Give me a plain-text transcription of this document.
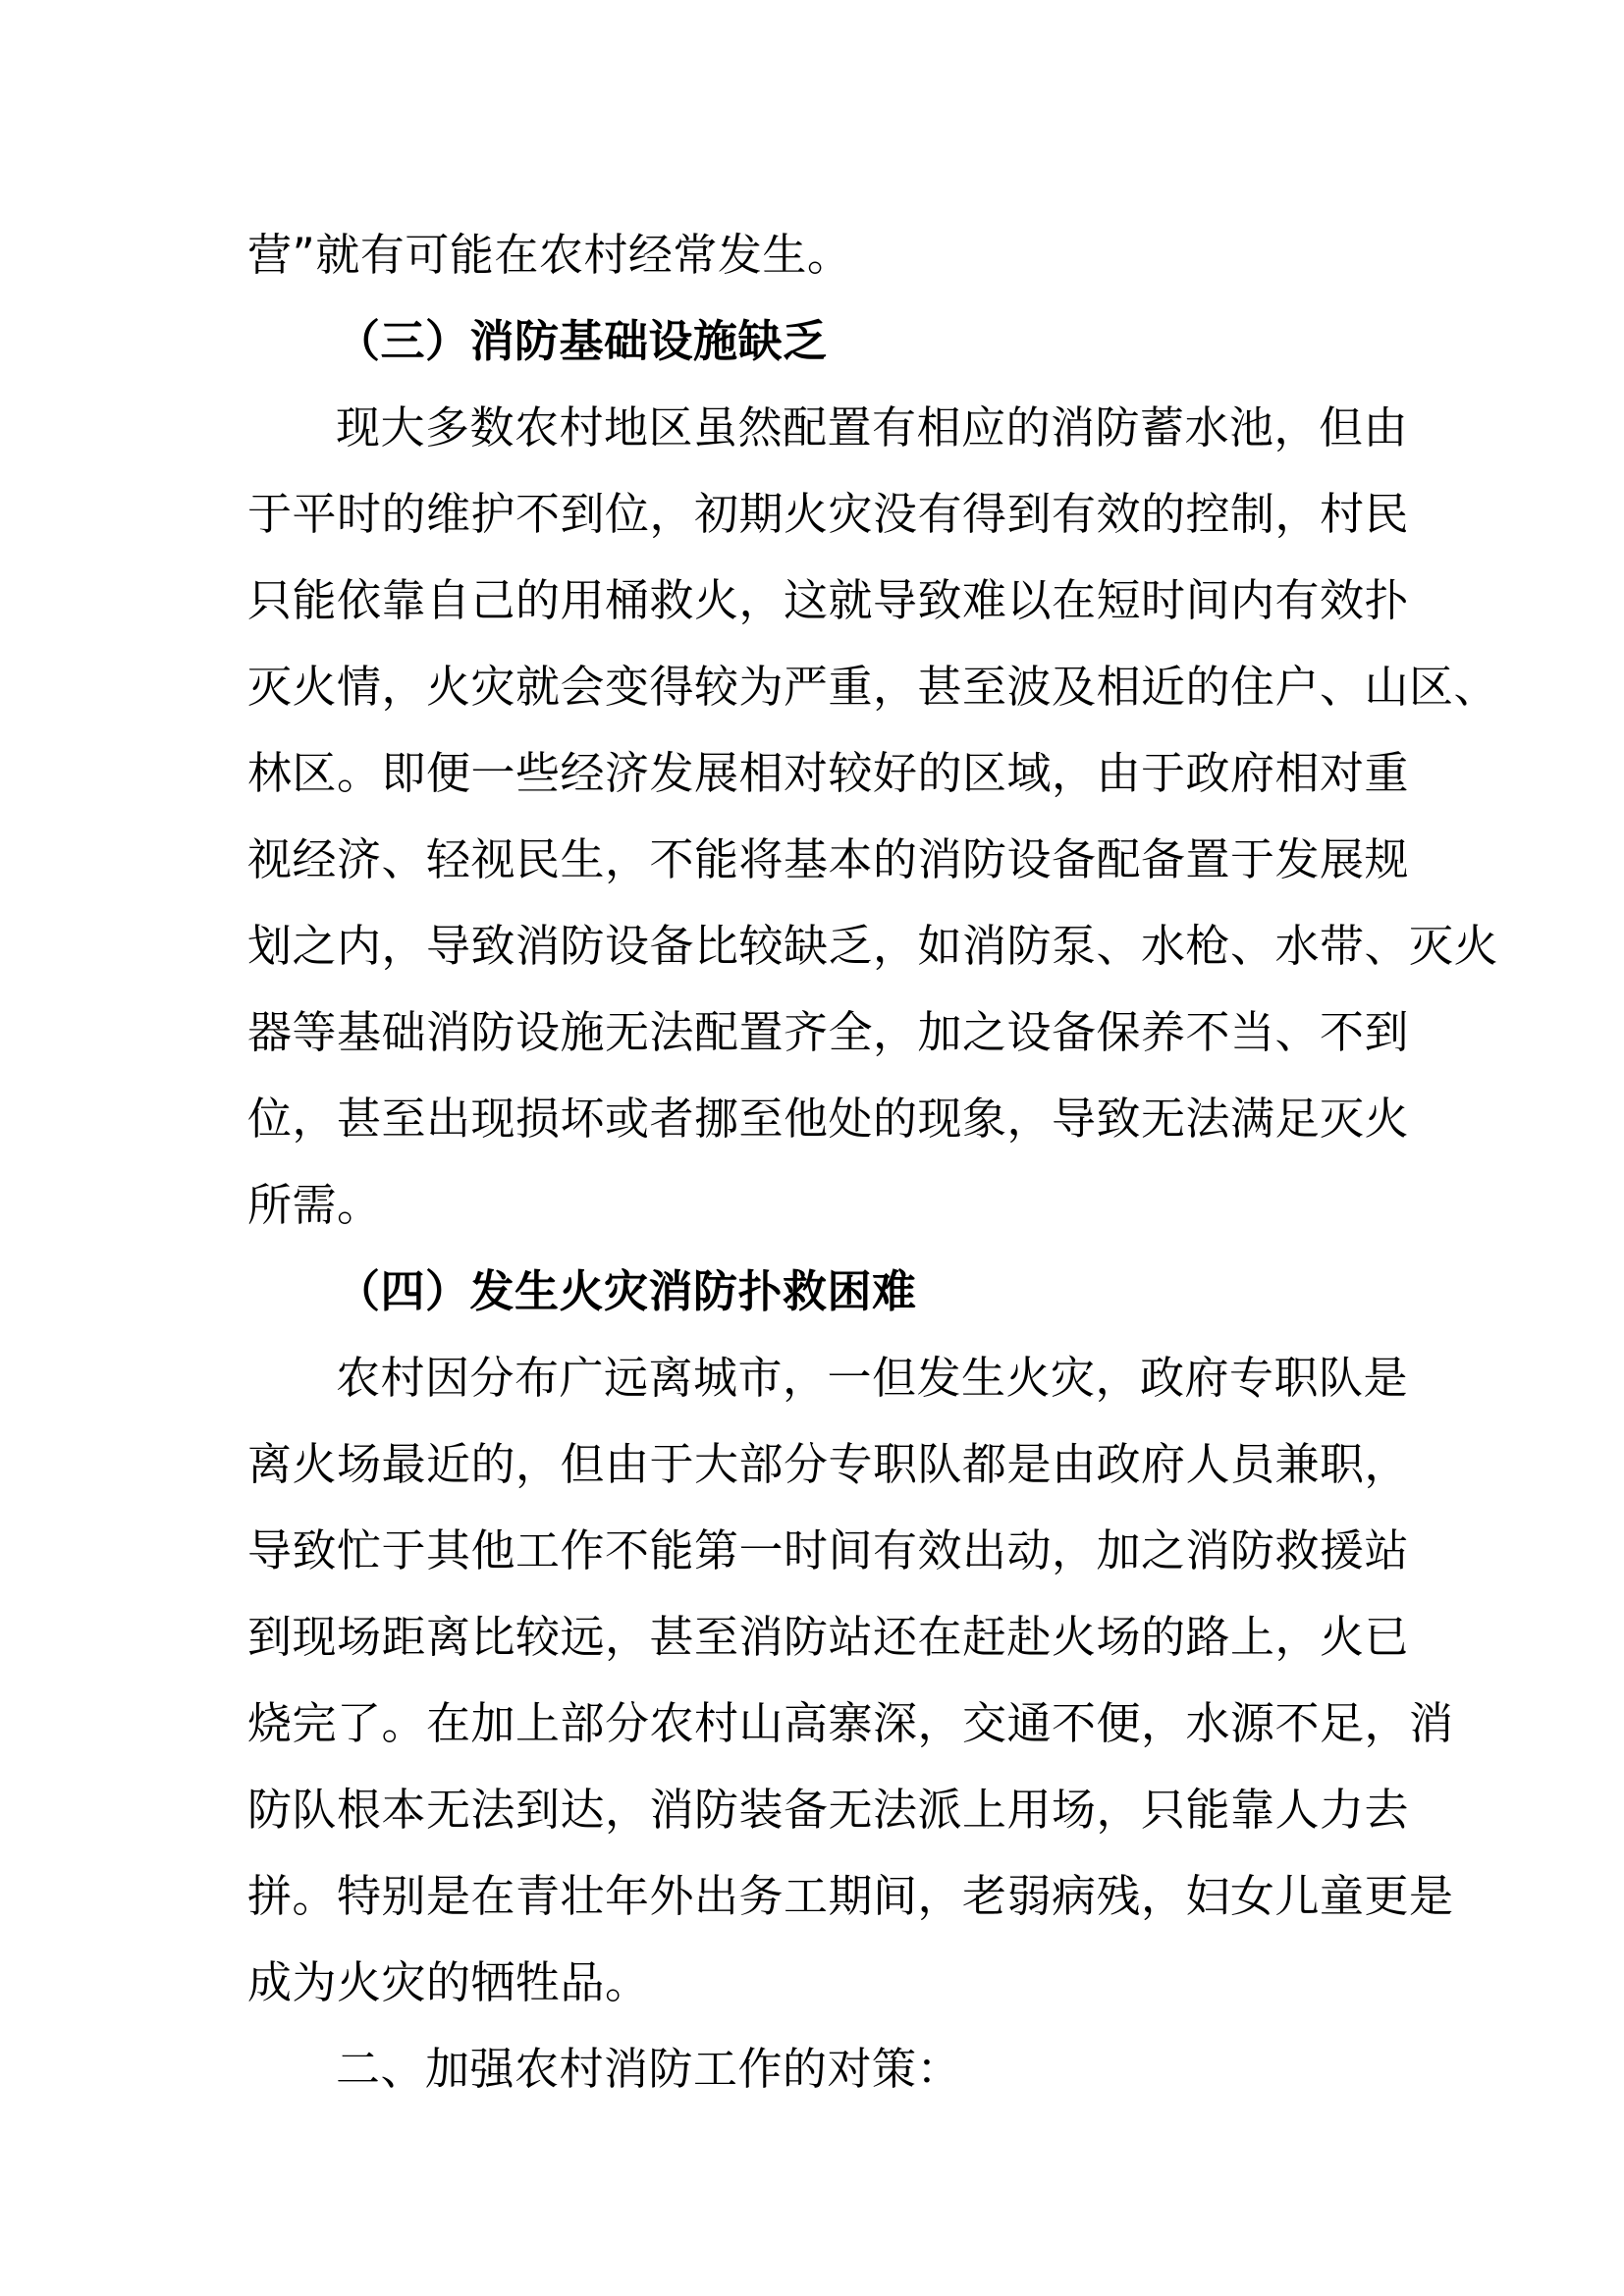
营”就有可能在农村经常发生。
（三）消防基础设施缺乏
现大多数农村地区虽然配置有相应的消防蓄水池，但由
于平时的维护不到位，初期火灾没有得到有效的控制，村民
只能依靠自己的用桶救火，这就导致难以在短时间内有效扑
灭火情，火灾就会变得较为严重，甚至波及相近的住户、山区、
林区。即便一些经济发展相对较好的区域，由于政府相对重
视经济、轻视民生，不能将基本的消防设备配备置于发展规
划之内，导致消防设备比较缺乏，如消防泵、水枪、水带、灭火
器等基础消防设施无法配置齐全，加之设备保养不当、不到
位，甚至出现损坏或者挪至他处的现象，导致无法满足灭火
所需。
（四）发生火灾消防扑救困难
农村因分布广远离城市，一但发生火灾，政府专职队是
离火场最近的，但由于大部分专职队都是由政府人员兼职，
导致忙于其他工作不能第一时间有效出动，加之消防救援站
到现场距离比较远，甚至消防站还在赶赴火场的路上，火已
烧完了。在加上部分农村山高寨深，交通不便，水源不足，消
防队根本无法到达，消防装备无法派上用场，只能靠人力去
拼。特别是在青壮年外出务工期间，老弱病残，妇女儿童更是
成为火灾的牺牲品。
二、加强农村消防工作的对策：
